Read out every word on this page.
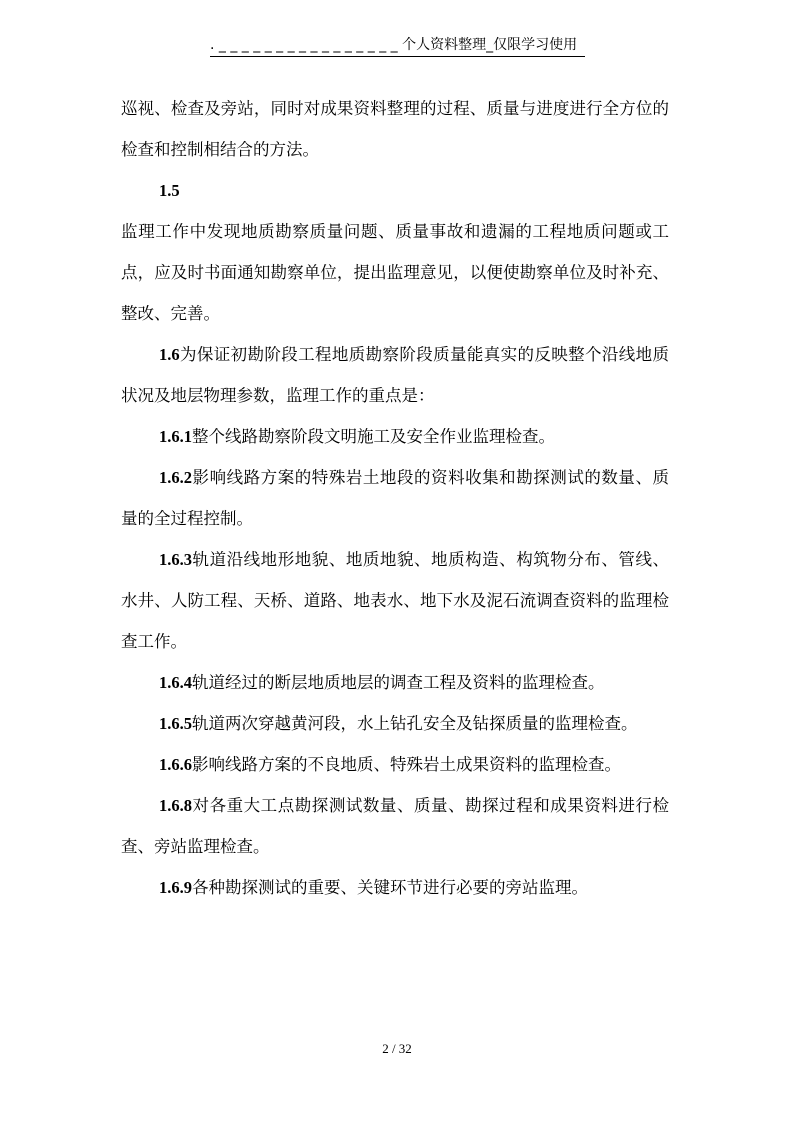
. _ _ _ _ _ _ _ _ _ _ _ _ _ _ _ _ 个人资料整理_仅限学习使用

巡视、检查及旁站，同时对成果资料整理的过程、质量与进度进行全方位的检查和控制相结合的方法。

1.5

监理工作中发现地质勘察质量问题、质量事故和遗漏的工程地质问题或工点，应及时书面通知勘察单位，提出监理意见，以便使勘察单位及时补充、整改、完善。

1.6为保证初勘阶段工程地质勘察阶段质量能真实的反映整个沿线地质状况及地层物理参数，监理工作的重点是：

1.6.1整个线路勘察阶段文明施工及安全作业监理检查。

1.6.2影响线路方案的特殊岩土地段的资料收集和勘探测试的数量、质量的全过程控制。

1.6.3轨道沿线地形地貌、地质地貌、地质构造、构筑物分布、管线、水井、人防工程、天桥、道路、地表水、地下水及泥石流调查资料的监理检查工作。

1.6.4轨道经过的断层地质地层的调查工程及资料的监理检查。

1.6.5轨道两次穿越黄河段，水上钻孔安全及钻探质量的监理检查。

1.6.6影响线路方案的不良地质、特殊岩土成果资料的监理检查。

1.6.8对各重大工点勘探测试数量、质量、勘探过程和成果资料进行检查、旁站监理检查。

1.6.9各种勘探测试的重要、关键环节进行必要的旁站监理。

2 / 32
